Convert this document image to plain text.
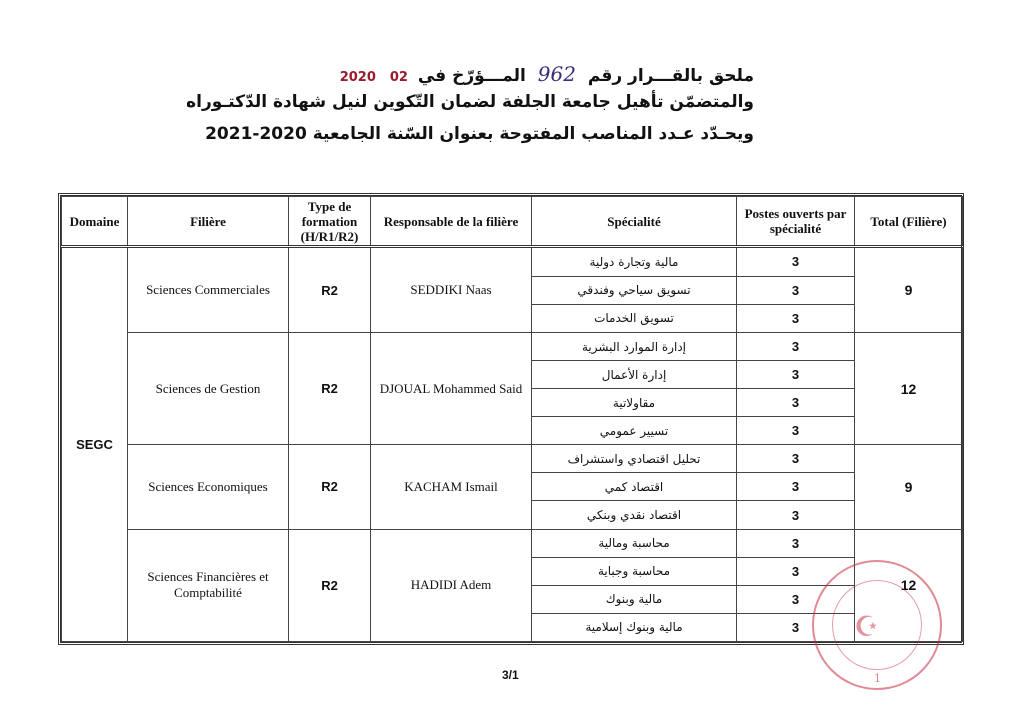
ملحق بالقـــرار رقم 962 المـــؤرّخ في 02 2020
والمتضمّن تأهيل جامعة الجلفة لضمان التّكوين لنيل شهادة الدّكتـوراه
ويحـدّد عـدد المناصب المفتوحة بعنوان السّنة الجامعية 2020-2021
Domaine	Filière	Type de formation (H/R1/R2)	Responsable de la filière	Spécialité	Postes ouverts par spécialité	Total (Filière)
SEGC	Sciences Commerciales	R2	SEDDIKI Naas	مالية وتجارة دولية	3	9
				تسويق سياحي وفندقي	3	
				تسويق الخدمات	3	
	Sciences de Gestion	R2	DJOUAL Mohammed Said	إدارة الموارد البشرية	3	12
				إدارة الأعمال	3	
				مقاولاتية	3	
				تسيير عمومي	3	
	Sciences Economiques	R2	KACHAM Ismail	تحليل اقتصادي واستشراف	3	9
				اقتصاد كمي	3	
				اقتصاد نقدي وبنكي	3	
	Sciences Financières et Comptabilité	R2	HADIDI Adem	محاسبة ومالية	3	12
				محاسبة وجباية	3	
				مالية وبنوك	3	
				مالية وبنوك إسلامية	3	☪
1
3/1
